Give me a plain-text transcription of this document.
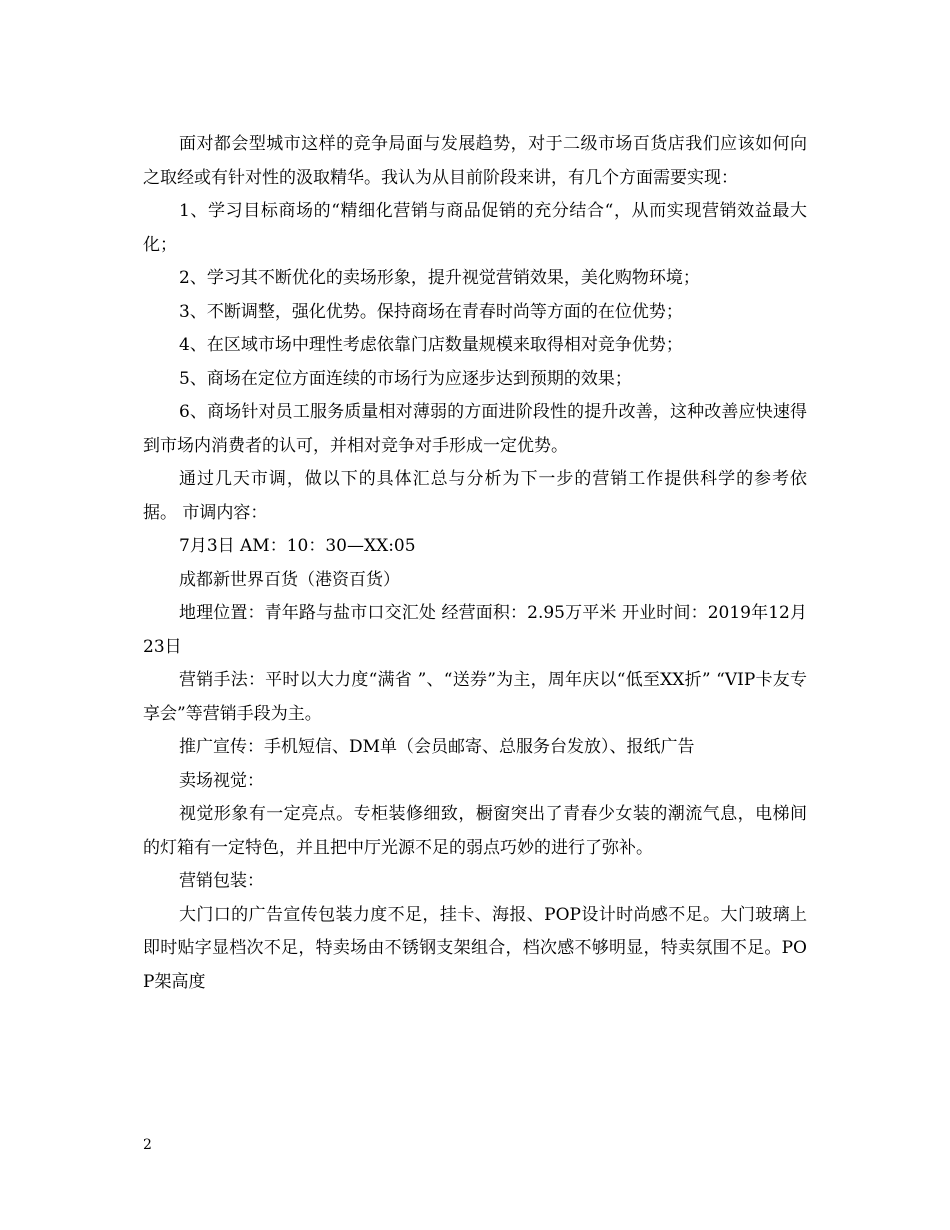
面对都会型城市这样的竞争局面与发展趋势，对于二级市场百货店我们应该如何向之取经或有针对性的汲取精华。我认为从目前阶段来讲，有几个方面需要实现：

1、学习目标商场的“精细化营销与商品促销的充分结合“，从而实现营销效益最大化；

2、学习其不断优化的卖场形象，提升视觉营销效果，美化购物环境；

3、不断调整，强化优势。保持商场在青春时尚等方面的在位优势；

4、在区域市场中理性考虑依靠门店数量规模来取得相对竞争优势；

5、商场在定位方面连续的市场行为应逐步达到预期的效果；

6、商场针对员工服务质量相对薄弱的方面进阶段性的提升改善，这种改善应快速得到市场内消费者的认可，并相对竞争对手形成一定优势。

通过几天市调，做以下的具体汇总与分析为下一步的营销工作提供科学的参考依据。 市调内容：

7月3日 AM：10：30—XX:05

成都新世界百货（港资百货）

地理位置：青年路与盐市口交汇处 经营面积：2.95万平米 开业时间：2019年12月23日

营销手法：平时以大力度“满省 ”、“送券”为主，周年庆以“低至XX折” “VIP卡友专享会”等营销手段为主。

推广宣传：手机短信、DM单（会员邮寄、总服务台发放）、报纸广告

卖场视觉：

视觉形象有一定亮点。专柜装修细致，橱窗突出了青春少女装的潮流气息，电梯间的灯箱有一定特色，并且把中厅光源不足的弱点巧妙的进行了弥补。

营销包装：

大门口的广告宣传包装力度不足，挂卡、海报、POP设计时尚感不足。大门玻璃上即时贴字显档次不足，特卖场由不锈钢支架组合，档次感不够明显，特卖氛围不足。POP架高度

2
